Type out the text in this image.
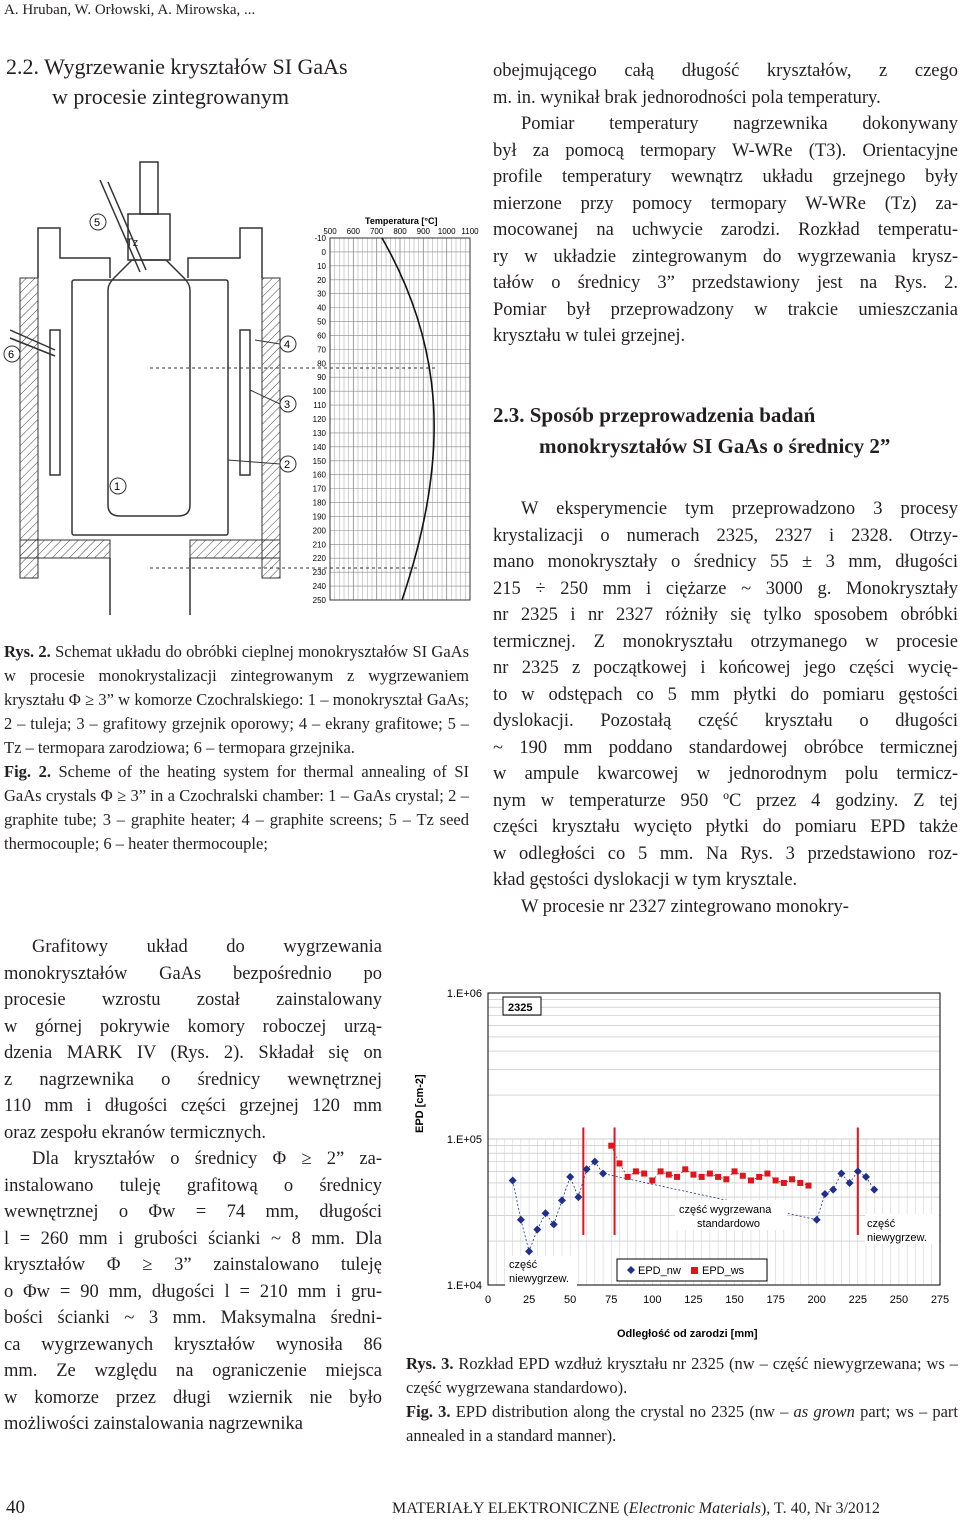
A. Hruban, W. Orłowski, A. Mirowska, ...
2.2. Wygrzewanie kryształów SI GaAs
w procesie zintegrowanym
obejmującego całą długość kryształów, z czego
m. in. wynikał brak jednorodności pola temperatury.
Pomiar temperatury nagrzewnika dokonywany
był za pomocą termopary W-WRe (T3). Orientacyjne
profile temperatury wewnątrz układu grzejnego były
mierzone przy pomocy termopary W-WRe (Tz) za-
mocowanej na uchwycie zarodzi. Rozkład temperatu-
ry w układzie zintegrowanym do wygrzewania krysz-
tałów o średnicy 3” przedstawiony jest na Rys. 2.
Pomiar był przeprowadzony w trakcie umieszczania
kryształu w tulei grzejnej.
2.3. Sposób przeprowadzenia badań
monokryształów SI GaAs o średnicy 2”
W eksperymencie tym przeprowadzono 3 procesy
krystalizacji o numerach 2325, 2327 i 2328. Otrzy-
mano monokryształy o średnicy 55 ± 3 mm, długości
215 ÷ 250 mm i ciężarze ~ 3000 g. Monokryształy
nr 2325 i nr 2327 różniły się tylko sposobem obróbki
termicznej. Z monokryształu otrzymanego w procesie
nr 2325 z początkowej i końcowej jego części wycię-
to w odstępach co 5 mm płytki do pomiaru gęstości
dyslokacji. Pozostałą część kryształu o długości
~ 190 mm poddano standardowej obróbce termicznej
w ampule kwarcowej w jednorodnym polu termicz-
nym w temperaturze 950 ºC przez 4 godziny. Z tej
części kryształu wycięto płytki do pomiaru EPD także
w odległości co 5 mm. Na Rys. 3 przedstawiono roz-
kład gęstości dyslokacji w tym krysztale.
W procesie nr 2327 zintegrowano monokry-
Tz
5
6
4
3
2
1
-10
0
10
20
30
40
50
60
70
80
90
100
110
120
130
140
150
160
170
180
190
200
210
220
230
240
250
500 600 700 800 900 1000 1100
Temperatura [°C]

Rys. 2. Schemat układu do obróbki cieplnej monokryształów SI GaAs w procesie monokrystalizacji zintegrowanym z wygrzewaniem kryształu Φ ≥ 3” w komorze Czochralskiego: 1 – monokryształ GaAs; 2 – tuleja; 3 – grafitowy grzejnik oporowy; 4 – ekrany grafitowe; 5 – Tz – termopara zarodziowa; 6 – termopara grzejnika.

Fig. 2. Scheme of the heating system for thermal annealing of SI GaAs crystals Φ ≥ 3” in a Czochralski chamber: 1 – GaAs crystal; 2 – graphite tube; 3 – graphite heater; 4 – graphite screens; 5 – Tz seed thermocouple; 6 – heater thermocouple;

Grafitowy układ do wygrzewania
monokryształów GaAs bezpośrednio po
procesie wzrostu został zainstalowany
w górnej pokrywie komory roboczej urzą-
dzenia MARK IV (Rys. 2). Składał się on
z nagrzewnika o średnicy wewnętrznej
110 mm i długości części grzejnej 120 mm
oraz zespołu ekranów termicznych.
Dla kryształów o średnicy Φ ≥ 2” za-
instalowano tuleję grafitową o średnicy
wewnętrznej o Φw = 74 mm, długości
l = 260 mm i grubości ścianki ~ 8 mm. Dla
kryształów Φ ≥ 3” zainstalowano tuleję
o Φw = 90 mm, długości l = 210 mm i gru-
bości ścianki ~ 3 mm. Maksymalna średni-
ca wygrzewanych kryształów wynosiła 86
mm. Ze względu na ograniczenie miejsca
w komorze przez długi wziernik nie było
możliwości zainstalowania nagrzewnika
0	25	50	75 100 125 150 175 200 225 250 275
1.E+04
1.E+05
1.E+06
EPD [cm-2]
Odległość od zarodzi [mm]
2325
część
niewygrzew.
część wygrzewana
standardowo	część
niewygrzew.
EPD_nw EPD_ws

Rys. 3. Rozkład EPD wzdłuż kryształu nr 2325 (nw – część niewygrzewana; ws – część wygrzewana standardowo).

Fig. 3. EPD distribution along the crystal no 2325 (nw – as grown part; ws – part annealed in a standard manner).

40	MATERIAŁY ELEKTRONICZNE (Electronic Materials), T. 40, Nr 3/2012
